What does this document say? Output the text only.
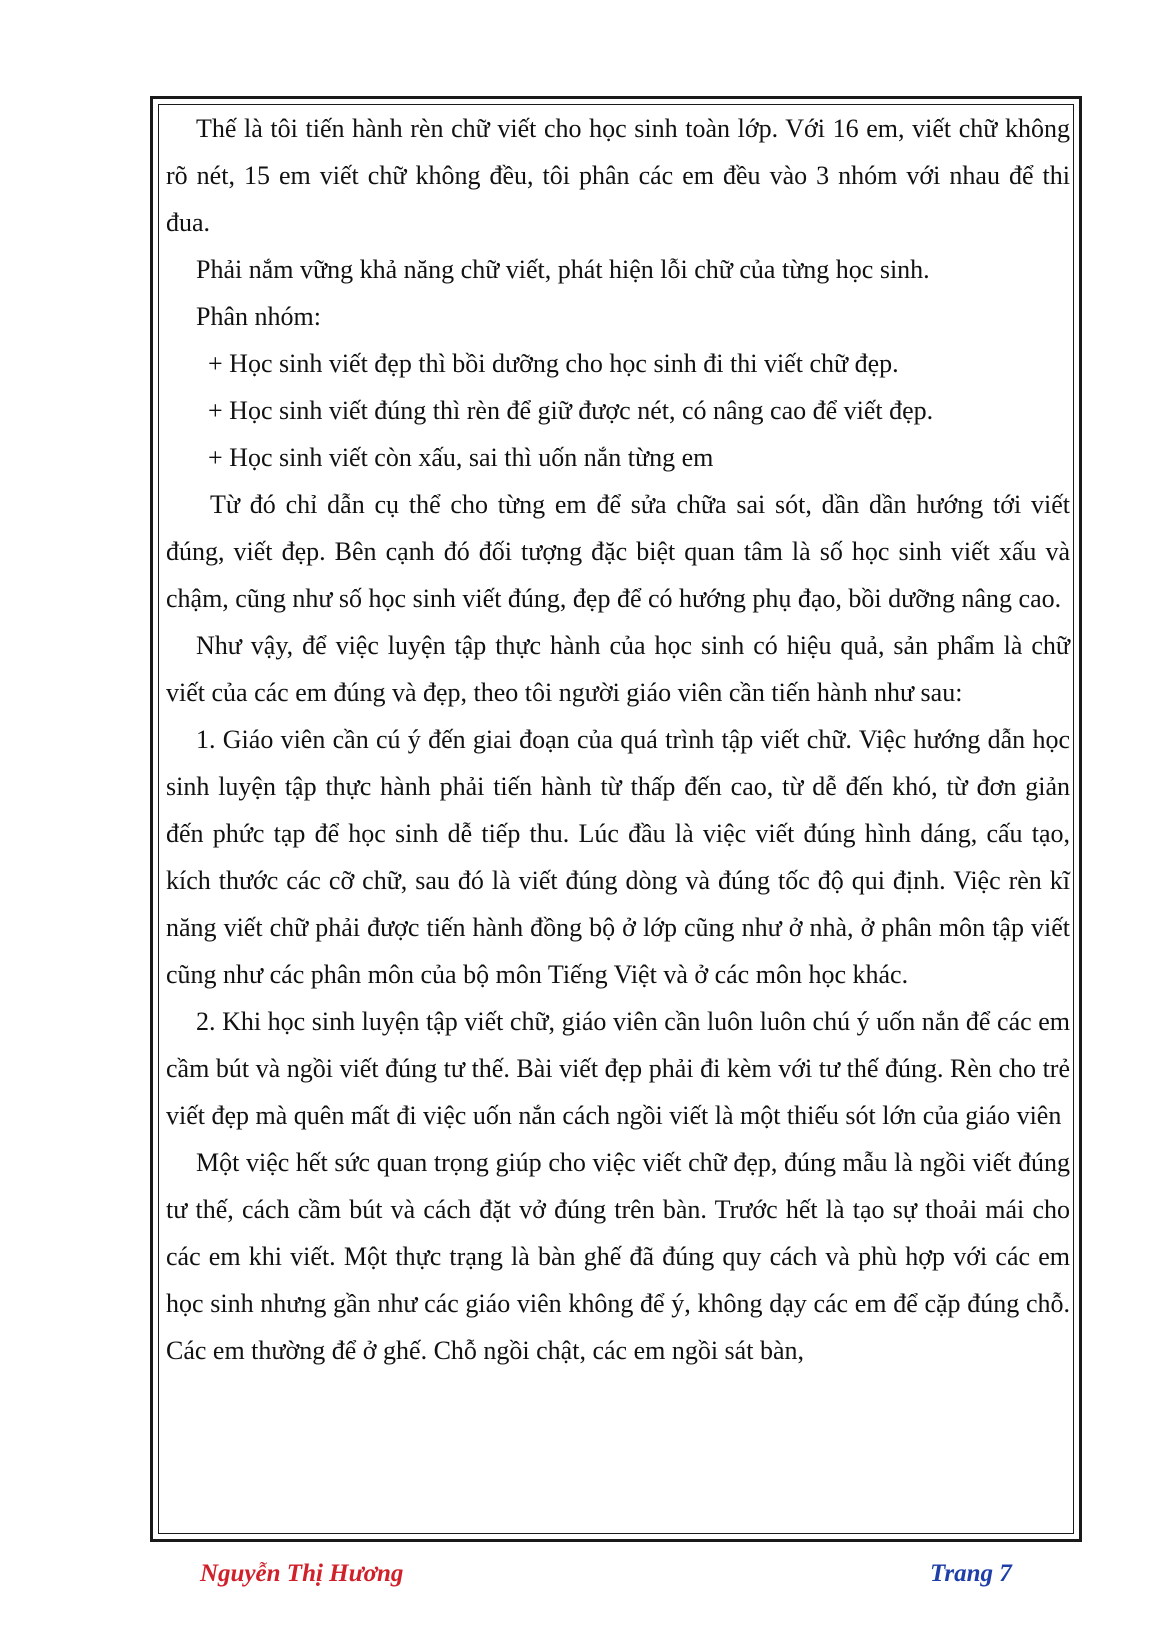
Thế là tôi tiến hành rèn chữ viết cho học sinh toàn lớp. Với 16 em, viết chữ không rõ nét, 15 em viết chữ không đều, tôi phân các em đều vào 3 nhóm với nhau để thi đua.

Phải nắm vững khả năng chữ viết, phát hiện lỗi chữ của từng học sinh.

Phân nhóm:

+ Học sinh viết đẹp thì bồi dưỡng cho học sinh đi thi viết chữ đẹp.

+ Học sinh viết đúng thì rèn để giữ được nét, có nâng cao để viết đẹp.

+ Học sinh viết còn xấu, sai thì uốn nắn từng em

Từ đó chỉ dẫn cụ thể cho từng em để sửa chữa sai sót, dần dần hướng tới viết đúng, viết đẹp. Bên cạnh đó đối tượng đặc biệt quan tâm là số học sinh viết xấu và chậm, cũng như số học sinh viết đúng, đẹp để có hướng phụ đạo, bồi dưỡng nâng cao.

Như vậy, để việc luyện tập thực hành của học sinh có hiệu quả, sản phẩm là chữ viết của các em đúng và đẹp, theo tôi người giáo viên cần tiến hành như sau:

1. Giáo viên cần cú ý đến giai đoạn của quá trình tập viết chữ. Việc hướng dẫn học sinh luyện tập thực hành phải tiến hành từ thấp đến cao, từ dễ đến khó, từ đơn giản đến phức tạp để học sinh dễ tiếp thu. Lúc đầu là việc viết đúng hình dáng, cấu tạo, kích thước các cỡ chữ, sau đó là viết đúng dòng và đúng tốc độ qui định. Việc rèn kĩ năng viết chữ phải được tiến hành đồng bộ ở lớp cũng như ở nhà, ở phân môn tập viết cũng như các phân môn của bộ môn Tiếng Việt và ở các môn học khác.

2. Khi học sinh luyện tập viết chữ, giáo viên cần luôn luôn chú ý uốn nắn để các em cầm bút và ngồi viết đúng tư thế. Bài viết đẹp phải đi kèm với tư thế đúng. Rèn cho trẻ viết đẹp mà quên mất đi việc uốn nắn cách ngồi viết là một thiếu sót lớn của giáo viên

Một việc hết sức quan trọng giúp cho việc viết chữ đẹp, đúng mẫu là ngồi viết đúng tư thế, cách cầm bút và cách đặt vở đúng trên bàn. Trước hết là tạo sự thoải mái cho các em khi viết. Một thực trạng là bàn ghế đã đúng quy cách và phù hợp với các em học sinh nhưng gần như các giáo viên không để ý, không dạy các em để cặp đúng chỗ. Các em thường để ở ghế. Chỗ ngồi chật, các em ngồi sát bàn,

Nguyễn Thị Hương	Trang 7
